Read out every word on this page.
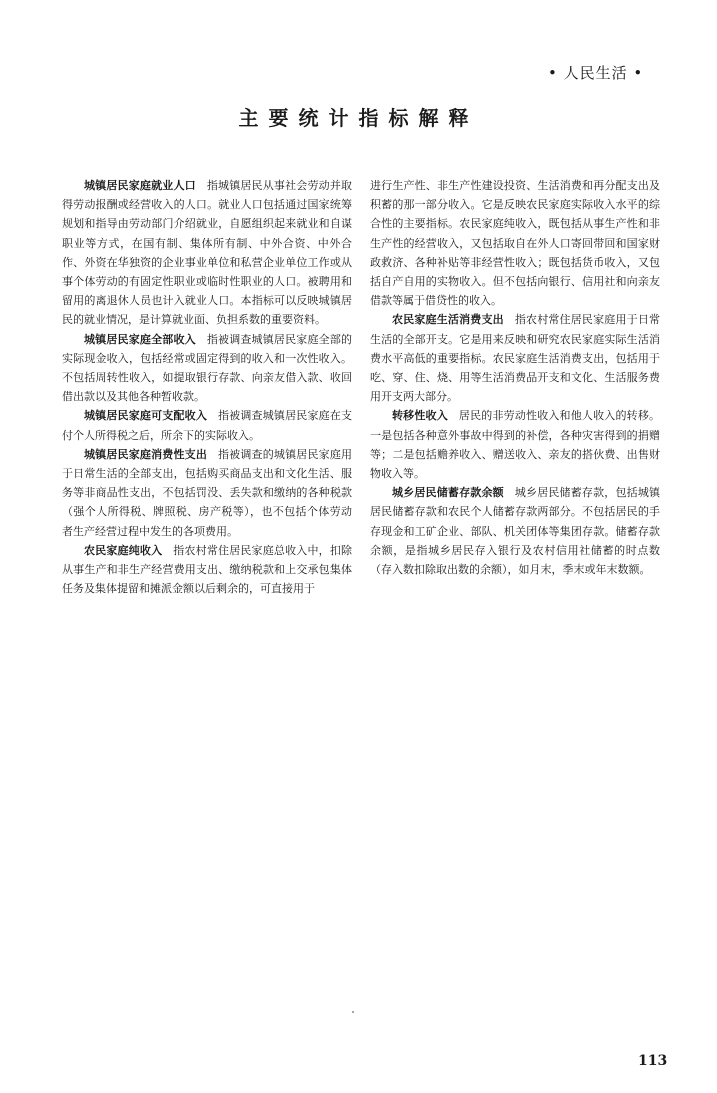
• 人民生活 •
主要统计指标解释

城镇居民家庭就业人口 指城镇居民从事社会劳动并取得劳动报酬或经营收入的人口。就业人口包括通过国家统筹规划和指导由劳动部门介绍就业，自愿组织起来就业和自谋职业等方式，在国有制、集体所有制、中外合资、中外合作、外资在华独资的企业事业单位和私营企业单位工作或从事个体劳动的有固定性职业或临时性职业的人口。被聘用和留用的离退休人员也计入就业人口。本指标可以反映城镇居民的就业情况，是计算就业面、负担系数的重要资料。

城镇居民家庭全部收入 指被调查城镇居民家庭全部的实际现金收入，包括经常或固定得到的收入和一次性收入。不包括周转性收入，如提取银行存款、向亲友借入款、收回借出款以及其他各种暂收款。

城镇居民家庭可支配收入 指被调查城镇居民家庭在支付个人所得税之后，所余下的实际收入。

城镇居民家庭消费性支出 指被调查的城镇居民家庭用于日常生活的全部支出，包括购买商品支出和文化生活、服务等非商品性支出，不包括罚没、丢失款和缴纳的各种税款（强个人所得税、牌照税、房产税等），也不包括个体劳动者生产经营过程中发生的各项费用。

农民家庭纯收入 指农村常住居民家庭总收入中，扣除从事生产和非生产经营费用支出、缴纳税款和上交承包集体任务及集体提留和摊派金额以后剩余的，可直接用于

进行生产性、非生产性建设投资、生活消费和再分配支出及积蓄的那一部分收入。它是反映农民家庭实际收入水平的综合性的主要指标。农民家庭纯收入，既包括从事生产性和非生产性的经营收入，又包括取自在外人口寄回带回和国家财政救济、各种补贴等非经营性收入；既包括货币收入，又包括自产自用的实物收入。但不包括向银行、信用社和向亲友借款等属于借贷性的收入。

农民家庭生活消费支出 指农村常住居民家庭用于日常生活的全部开支。它是用来反映和研究农民家庭实际生活消费水平高低的重要指标。农民家庭生活消费支出，包括用于吃、穿、住、烧、用等生活消费品开支和文化、生活服务费用开支两大部分。

转移性收入 居民的非劳动性收入和他人收入的转移。一是包括各种意外事故中得到的补偿，各种灾害得到的捐赠等；二是包括赡养收入、赠送收入、亲友的搭伙费、出售财物收入等。

城乡居民储蓄存款余额 城乡居民储蓄存款，包括城镇居民储蓄存款和农民个人储蓄存款两部分。不包括居民的手存现金和工矿企业、部队、机关团体等集团存款。储蓄存款余额，是指城乡居民存入银行及农村信用社储蓄的时点数（存入数扣除取出数的余额），如月末，季末或年末数额。

113
